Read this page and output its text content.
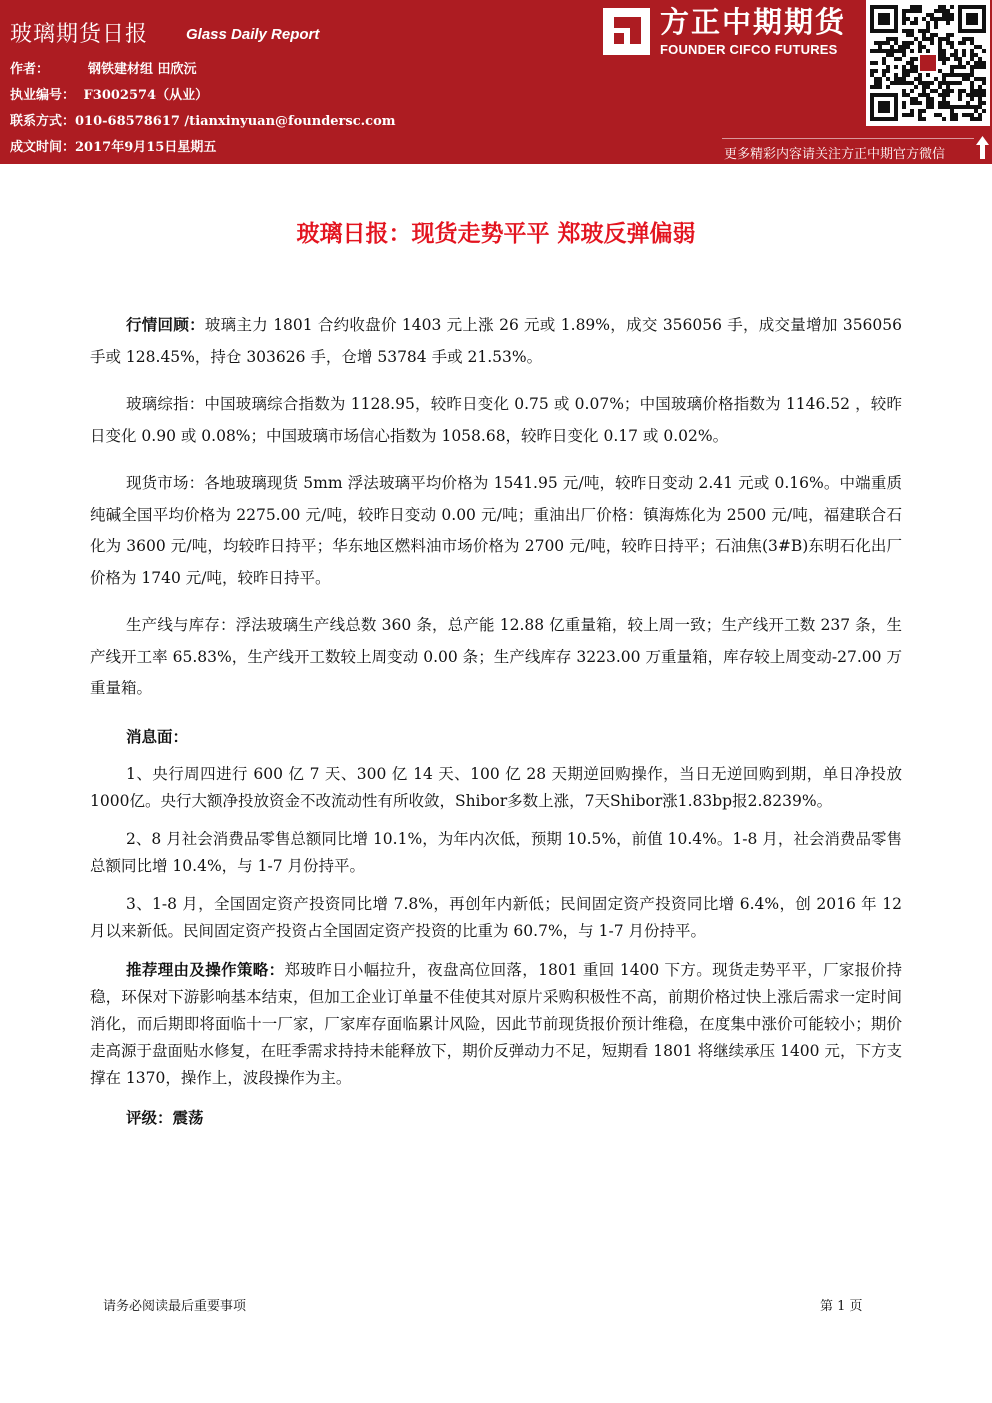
玻璃期货日报	Glass Daily Report
作者：	钢铁建材组 田欣沅
执业编号： F3002574（从业）
联系方式：010-68578617 /tianxinyuan@foundersc.com
成文时间：2017年9月15日星期五
方正中期期货
FOUNDER CIFCO FUTURES
更多精彩内容请关注方正中期官方微信
玻璃日报：现货走势平平 郑玻反弹偏弱

行情回顾：玻璃主力 1801 合约收盘价 1403 元上涨 26 元或 1.89%，成交 356056 手，成交量增加 356056 手或 128.45%，持仓 303626 手，仓增 53784 手或 21.53%。

玻璃综指：中国玻璃综合指数为 1128.95，较昨日变化 0.75 或 0.07%；中国玻璃价格指数为 1146.52 ，较昨日变化 0.90 或 0.08%；中国玻璃市场信心指数为 1058.68，较昨日变化 0.17 或 0.02%。

现货市场：各地玻璃现货 5mm 浮法玻璃平均价格为 1541.95 元/吨，较昨日变动 2.41 元或 0.16%。中端重质纯碱全国平均价格为 2275.00 元/吨，较昨日变动 0.00 元/吨；重油出厂价格：镇海炼化为 2500 元/吨，福建联合石化为 3600 元/吨，均较昨日持平；华东地区燃料油市场价格为 2700 元/吨，较昨日持平；石油焦(3#B)东明石化出厂价格为 1740 元/吨，较昨日持平。

生产线与库存：浮法玻璃生产线总数 360 条，总产能 12.88 亿重量箱，较上周一致；生产线开工数 237 条，生产线开工率 65.83%，生产线开工数较上周变动 0.00 条；生产线库存 3223.00 万重量箱，库存较上周变动-27.00 万重量箱。

消息面：

1、央行周四进行 600 亿 7 天、300 亿 14 天、100 亿 28 天期逆回购操作，当日无逆回购到期，单日净投放1000亿。央行大额净投放资金不改流动性有所收敛，Shibor多数上涨，7天Shibor涨1.83bp报2.8239%。

2、8 月社会消费品零售总额同比增 10.1%，为年内次低，预期 10.5%，前值 10.4%。1-8 月，社会消费品零售总额同比增 10.4%，与 1-7 月份持平。

3、1-8 月，全国固定资产投资同比增 7.8%，再创年内新低；民间固定资产投资同比增 6.4%，创 2016 年 12 月以来新低。民间固定资产投资占全国固定资产投资的比重为 60.7%，与 1-7 月份持平。

推荐理由及操作策略：郑玻昨日小幅拉升，夜盘高位回落，1801 重回 1400 下方。现货走势平平，厂家报价持稳，环保对下游影响基本结束，但加工企业订单量不佳使其对原片采购积极性不高，前期价格过快上涨后需求一定时间消化，而后期即将面临十一厂家，厂家库存面临累计风险，因此节前现货报价预计维稳，在度集中涨价可能较小；期价走高源于盘面贴水修复，在旺季需求持持未能释放下，期价反弹动力不足，短期看 1801 将继续承压 1400 元，下方支撑在 1370，操作上，波段操作为主。

评级：震荡

请务必阅读最后重要事项	第 1 页
